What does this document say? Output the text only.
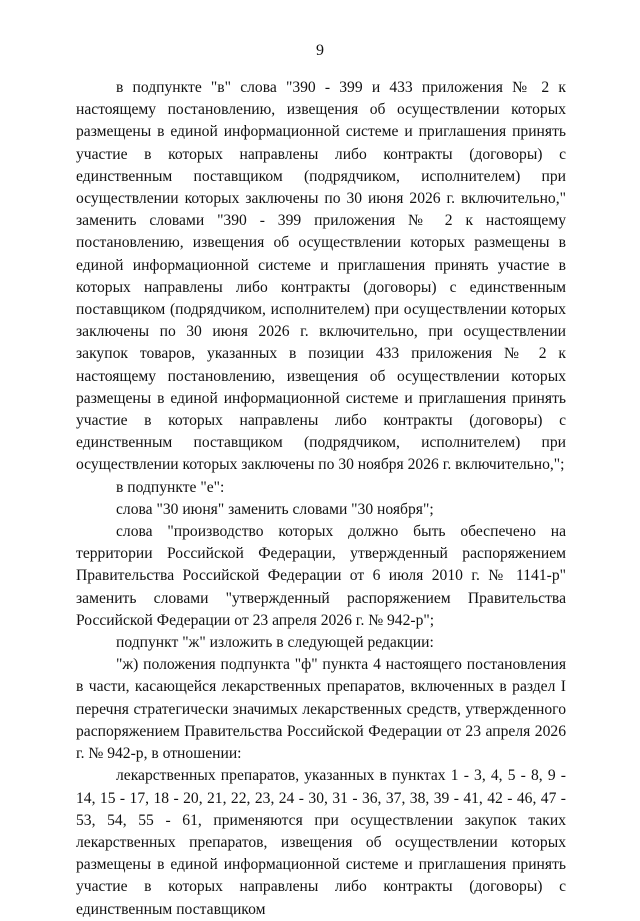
9

в подпункте "в" слова "390 - 399 и 433 приложения № 2 к настоящему постановлению, извещения об осуществлении которых размещены в единой информационной системе и приглашения принять участие в которых направлены либо контракты (договоры) с единственным поставщиком (подрядчиком, исполнителем) при осуществлении которых заключены по 30 июня 2026 г. включительно," заменить словами "390 - 399 приложения № 2 к настоящему постановлению, извещения об осуществлении которых размещены в единой информационной системе и приглашения принять участие в которых направлены либо контракты (договоры) с единственным поставщиком (подрядчиком, исполнителем) при осуществлении которых заключены по 30 июня 2026 г. включительно, при осуществлении закупок товаров, указанных в позиции 433 приложения № 2 к настоящему постановлению, извещения об осуществлении которых размещены в единой информационной системе и приглашения принять участие в которых направлены либо контракты (договоры) с единственным поставщиком (подрядчиком, исполнителем) при осуществлении которых заключены по 30 ноября 2026 г. включительно,";

в подпункте "е":

слова "30 июня" заменить словами "30 ноября";

слова "производство которых должно быть обеспечено на территории Российской Федерации, утвержденный распоряжением Правительства Российской Федерации от 6 июля 2010 г. № 1141-р" заменить словами "утвержденный распоряжением Правительства Российской Федерации от 23 апреля 2026 г. № 942-р";

подпункт "ж" изложить в следующей редакции:

"ж) положения подпункта "ф" пункта 4 настоящего постановления в части, касающейся лекарственных препаратов, включенных в раздел I перечня стратегически значимых лекарственных средств, утвержденного распоряжением Правительства Российской Федерации от 23 апреля 2026 г. № 942-р, в отношении:

лекарственных препаратов, указанных в пунктах 1 - 3, 4, 5 - 8, 9 - 14, 15 - 17, 18 - 20, 21, 22, 23, 24 - 30, 31 - 36, 37, 38, 39 - 41, 42 - 46, 47 - 53, 54, 55 - 61, применяются при осуществлении закупок таких лекарственных препаратов, извещения об осуществлении которых размещены в единой информационной системе и приглашения принять участие в которых направлены либо контракты (договоры) с единственным поставщиком
